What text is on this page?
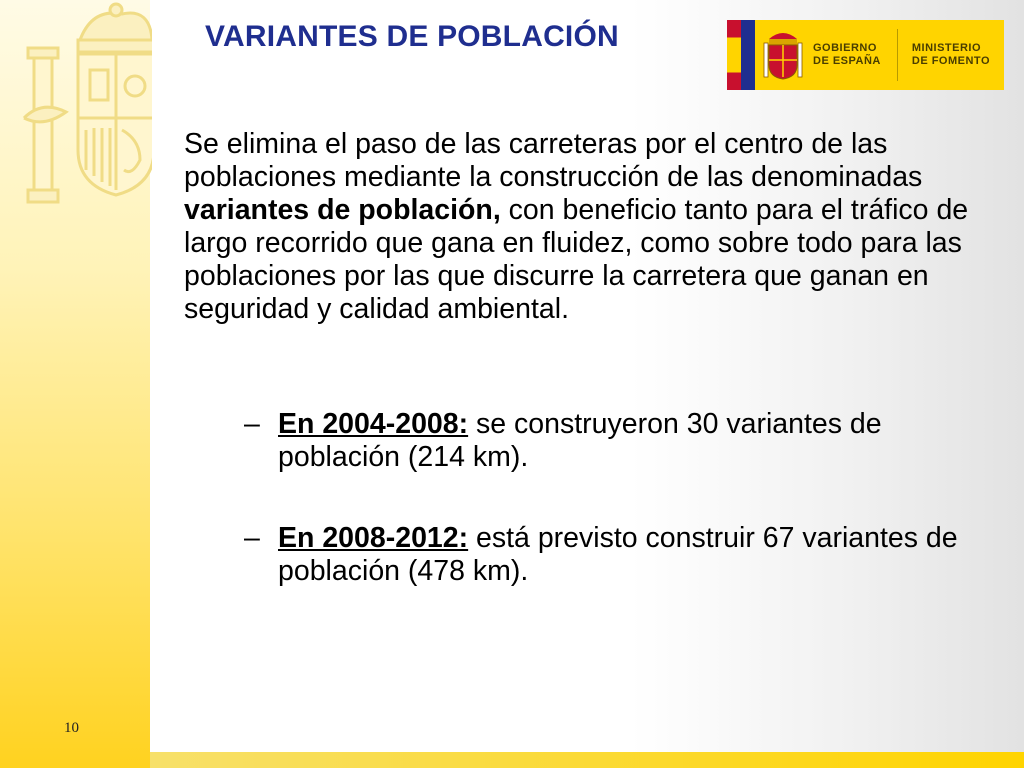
VARIANTES DE POBLACIÓN	GOBIERNO
DE ESPAÑA
MINISTERIO
DE FOMENTO

Se elimina el paso de las carreteras por el centro de las poblaciones mediante la construcción de las denominadas variantes de población, con beneficio tanto para el tráfico de largo recorrido que gana en fluidez, como sobre todo para las poblaciones por las que discurre la carretera que ganan en seguridad y calidad ambiental.

– En 2004-2008: se construyeron 30 variantes de población (214 km).
– En 2008-2012: está previsto construir 67 variantes de población (478 km).
10
